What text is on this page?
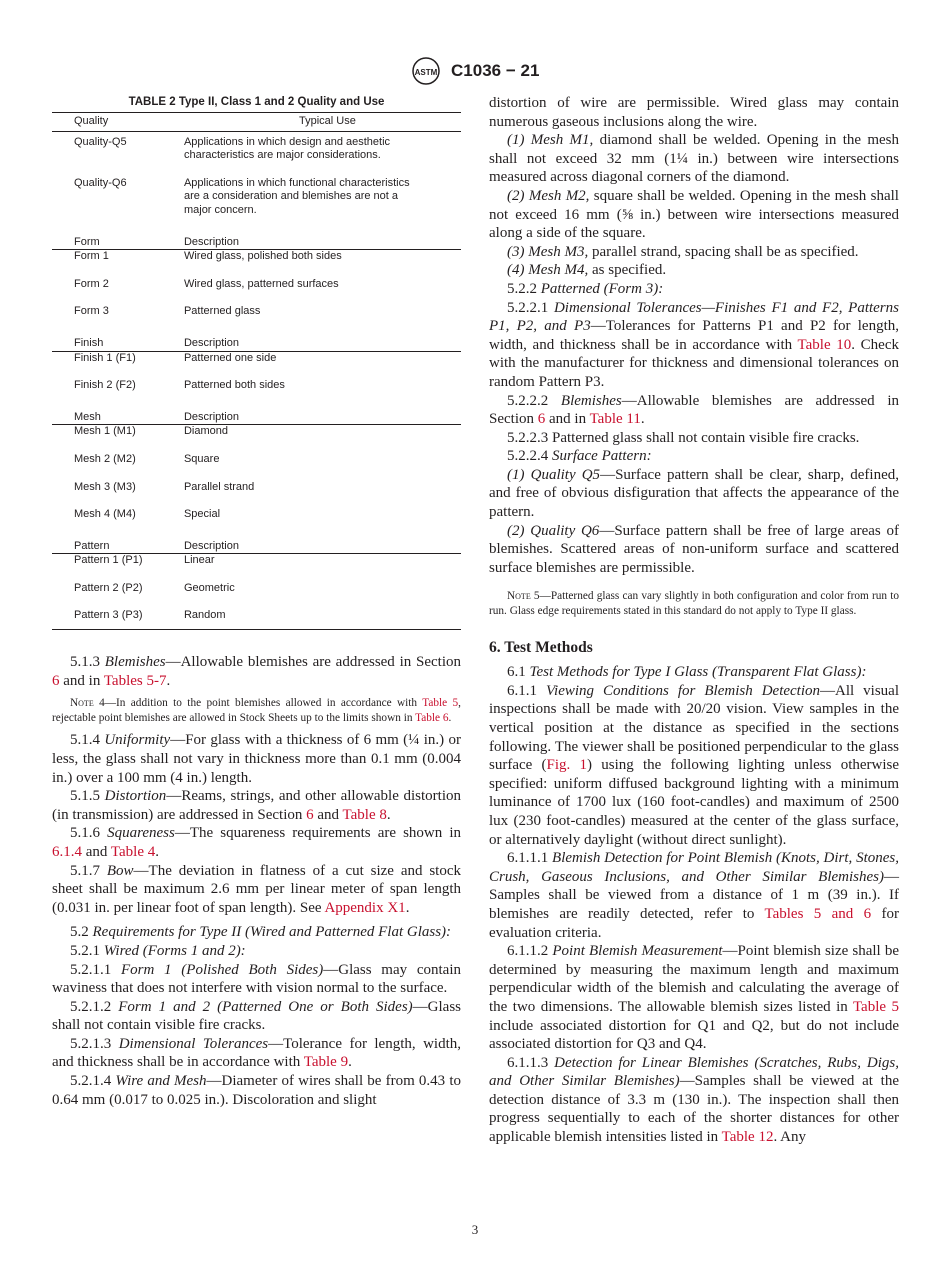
ASTM C1036 − 21
TABLE 2 Type II, Class 1 and 2 Quality and Use
Quality	Typical Use
Quality-Q5	Applications in which design and aesthetic characteristics are major considerations.

Quality-Q6	Applications in which functional characteristics are a consideration and blemishes are not a major concern.

Form	Description
Form 1	Wired glass, polished both sides

Form 2	Wired glass, patterned surfaces

Form 3	Patterned glass

Finish	Description
Finish 1 (F1)	Patterned one side

Finish 2 (F2)	Patterned both sides

Mesh	Description
Mesh 1 (M1)	Diamond

Mesh 2 (M2)	Square

Mesh 3 (M3)	Parallel strand

Mesh 4 (M4)	Special

Pattern	Description
Pattern 1 (P1)	Linear

Pattern 2 (P2)	Geometric

Pattern 3 (P3)	Random

5.1.3 Blemishes—Allowable blemishes are addressed in Section 6 and in Tables 5-7.

Note 4—In addition to the point blemishes allowed in accordance with Table 5, rejectable point blemishes are allowed in Stock Sheets up to the limits shown in Table 6.

5.1.4 Uniformity—For glass with a thickness of 6 mm (¼ in.) or less, the glass shall not vary in thickness more than 0.1 mm (0.004 in.) over a 100 mm (4 in.) length.

5.1.5 Distortion—Reams, strings, and other allowable distortion (in transmission) are addressed in Section 6 and Table 8.

5.1.6 Squareness—The squareness requirements are shown in 6.1.4 and Table 4.

5.1.7 Bow—The deviation in flatness of a cut size and stock sheet shall be maximum 2.6 mm per linear meter of span length (0.031 in. per linear foot of span length). See Appendix X1.

5.2 Requirements for Type II (Wired and Patterned Flat Glass):

5.2.1 Wired (Forms 1 and 2):

5.2.1.1 Form 1 (Polished Both Sides)—Glass may contain waviness that does not interfere with vision normal to the surface.

5.2.1.2 Form 1 and 2 (Patterned One or Both Sides)—Glass shall not contain visible fire cracks.

5.2.1.3 Dimensional Tolerances—Tolerance for length, width, and thickness shall be in accordance with Table 9.

5.2.1.4 Wire and Mesh—Diameter of wires shall be from 0.43 to 0.64 mm (0.017 to 0.025 in.). Discoloration and slight

distortion of wire are permissible. Wired glass may contain numerous gaseous inclusions along the wire.

(1) Mesh M1, diamond shall be welded. Opening in the mesh shall not exceed 32 mm (1¼ in.) between wire intersections measured across diagonal corners of the diamond.

(2) Mesh M2, square shall be welded. Opening in the mesh shall not exceed 16 mm (⅝ in.) between wire intersections measured along a side of the square.

(3) Mesh M3, parallel strand, spacing shall be as specified.

(4) Mesh M4, as specified.

5.2.2 Patterned (Form 3):

5.2.2.1 Dimensional Tolerances—Finishes F1 and F2, Patterns P1, P2, and P3—Tolerances for Patterns P1 and P2 for length, width, and thickness shall be in accordance with Table 10. Check with the manufacturer for thickness and dimensional tolerances on random Pattern P3.

5.2.2.2 Blemishes—Allowable blemishes are addressed in Section 6 and in Table 11.

5.2.2.3 Patterned glass shall not contain visible fire cracks.

5.2.2.4 Surface Pattern:

(1) Quality Q5—Surface pattern shall be clear, sharp, defined, and free of obvious disfiguration that affects the appearance of the pattern.

(2) Quality Q6—Surface pattern shall be free of large areas of blemishes. Scattered areas of non-uniform surface and scattered surface blemishes are permissible.

Note 5—Patterned glass can vary slightly in both configuration and color from run to run. Glass edge requirements stated in this standard do not apply to Type II glass.

6. Test Methods

6.1 Test Methods for Type I Glass (Transparent Flat Glass):

6.1.1 Viewing Conditions for Blemish Detection—All visual inspections shall be made with 20/20 vision. View samples in the vertical position at the distance as specified in the sections following. The viewer shall be positioned perpendicular to the glass surface (Fig. 1) using the following lighting unless otherwise specified: uniform diffused background lighting with a minimum luminance of 1700 lux (160 foot-candles) and maximum of 2500 lux (230 foot-candles) measured at the center of the glass surface, or alternatively daylight (without direct sunlight).

6.1.1.1 Blemish Detection for Point Blemish (Knots, Dirt, Stones, Crush, Gaseous Inclusions, and Other Similar Blemishes)—Samples shall be viewed from a distance of 1 m (39 in.). If blemishes are readily detected, refer to Tables 5 and 6 for evaluation criteria.

6.1.1.2 Point Blemish Measurement—Point blemish size shall be determined by measuring the maximum length and maximum perpendicular width of the blemish and calculating the average of the two dimensions. The allowable blemish sizes listed in Table 5 include associated distortion for Q1 and Q2, but do not include associated distortion for Q3 and Q4.

6.1.1.3 Detection for Linear Blemishes (Scratches, Rubs, Digs, and Other Similar Blemishes)—Samples shall be viewed at the detection distance of 3.3 m (130 in.). The inspection shall then progress sequentially to each of the shorter distances for other applicable blemish intensities listed in Table 12. Any

3
